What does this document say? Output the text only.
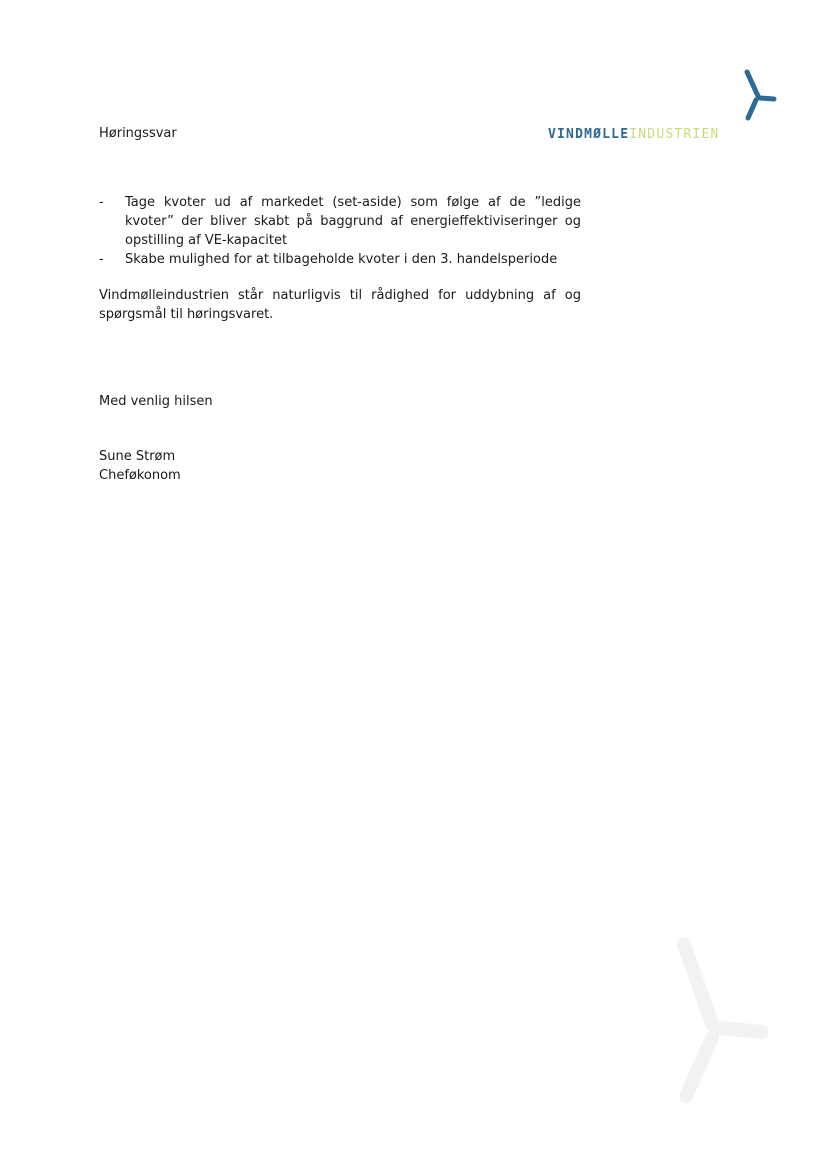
Høringssvar	VINDMØLLEINDUSTRIEN
-	Tage kvoter ud af markedet (set-aside) som følge af de ”ledige kvoter” der bliver skabt på baggrund af energieffektiviseringer og opstilling af VE-kapacitet
-	Skabe mulighed for at tilbageholde kvoter i den 3. handelsperiode
Vindmølleindustrien står naturligvis til rådighed for uddybning af og spørgsmål til høringsvaret.
Med venlig hilsen
Sune Strøm
Cheføkonom
